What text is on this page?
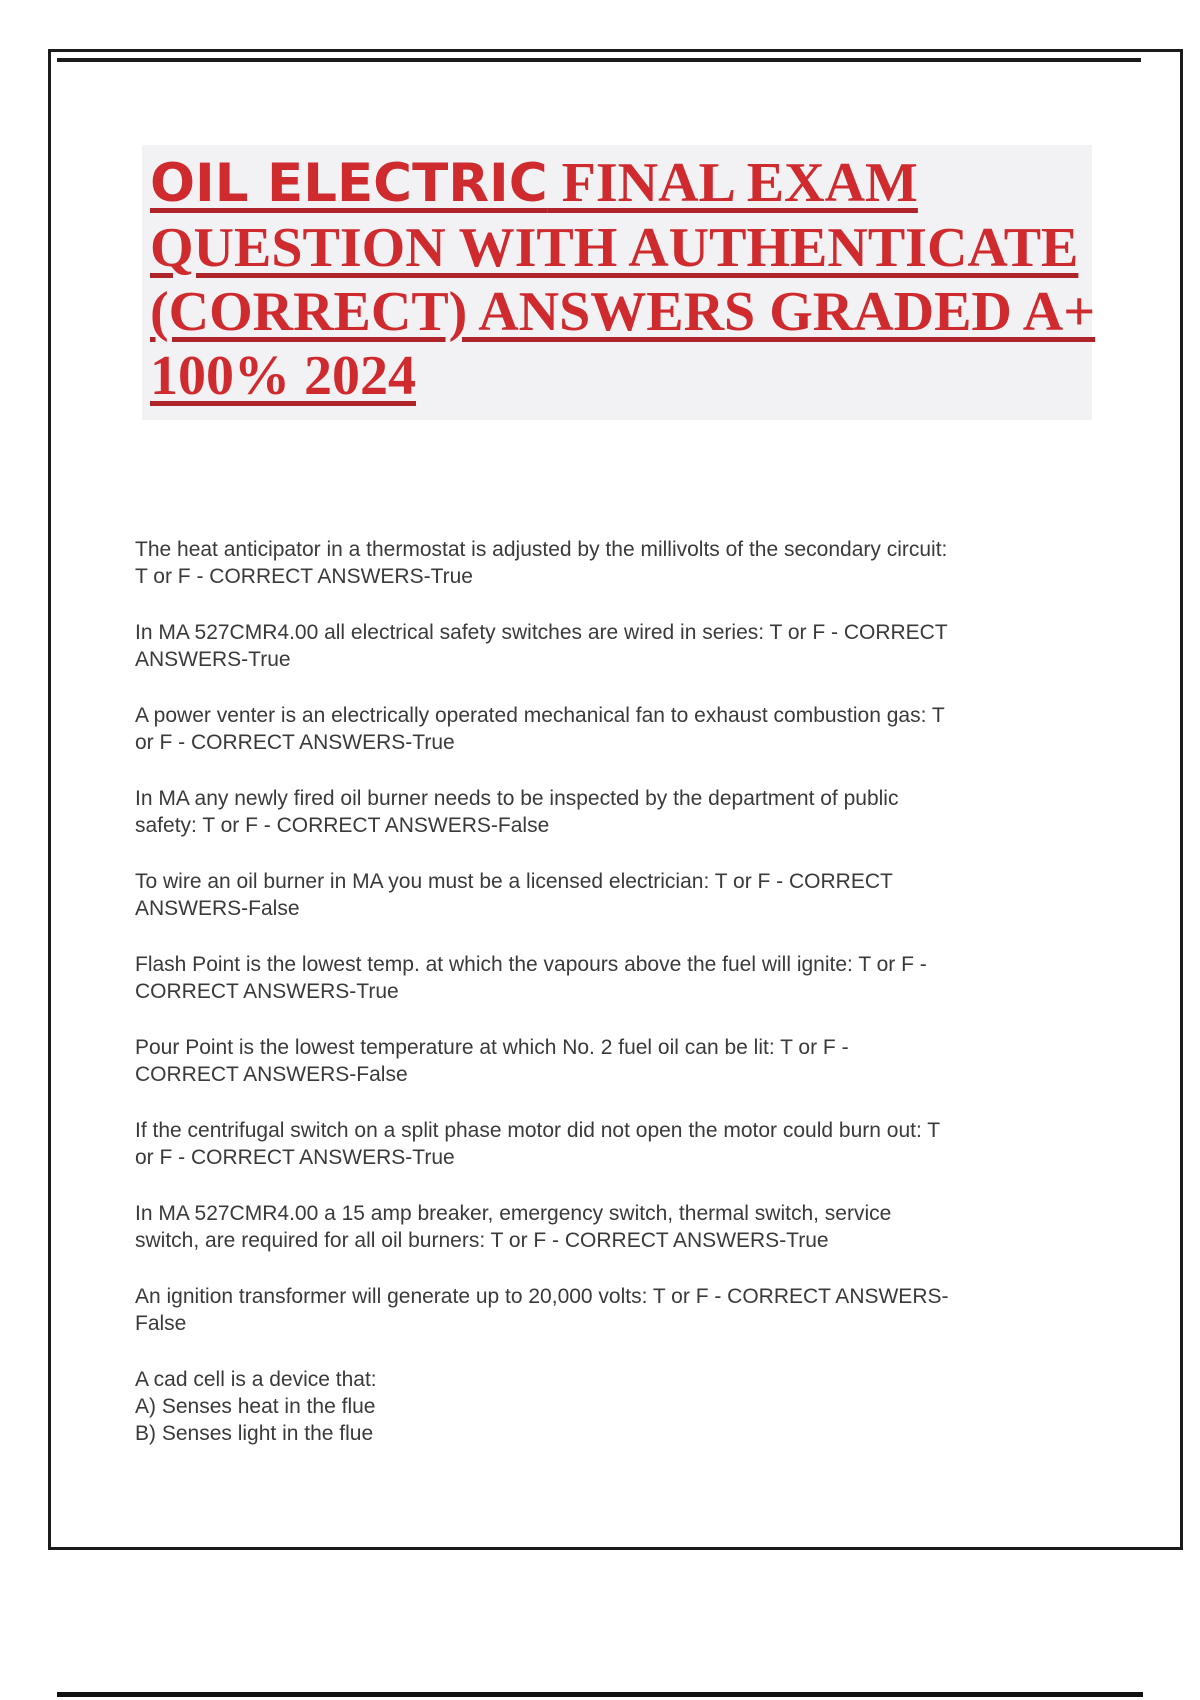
OIL ELECTRIC FINAL EXAM
QUESTION WITH AUTHENTICATE
(CORRECT) ANSWERS GRADED A+
100% 2024

The heat anticipator in a thermostat is adjusted by the millivolts of the secondary circuit:
T or F - CORRECT ANSWERS-True

In MA 527CMR4.00 all electrical safety switches are wired in series: T or F - CORRECT
ANSWERS-True

A power venter is an electrically operated mechanical fan to exhaust combustion gas: T
or F - CORRECT ANSWERS-True

In MA any newly fired oil burner needs to be inspected by the department of public
safety: T or F - CORRECT ANSWERS-False

To wire an oil burner in MA you must be a licensed electrician: T or F - CORRECT
ANSWERS-False

Flash Point is the lowest temp. at which the vapours above the fuel will ignite: T or F -
CORRECT ANSWERS-True

Pour Point is the lowest temperature at which No. 2 fuel oil can be lit: T or F -
CORRECT ANSWERS-False

If the centrifugal switch on a split phase motor did not open the motor could burn out: T
or F - CORRECT ANSWERS-True

In MA 527CMR4.00 a 15 amp breaker, emergency switch, thermal switch, service
switch, are required for all oil burners: T or F - CORRECT ANSWERS-True

An ignition transformer will generate up to 20,000 volts: T or F - CORRECT ANSWERS-
False

A cad cell is a device that:
A) Senses heat in the flue
B) Senses light in the flue
